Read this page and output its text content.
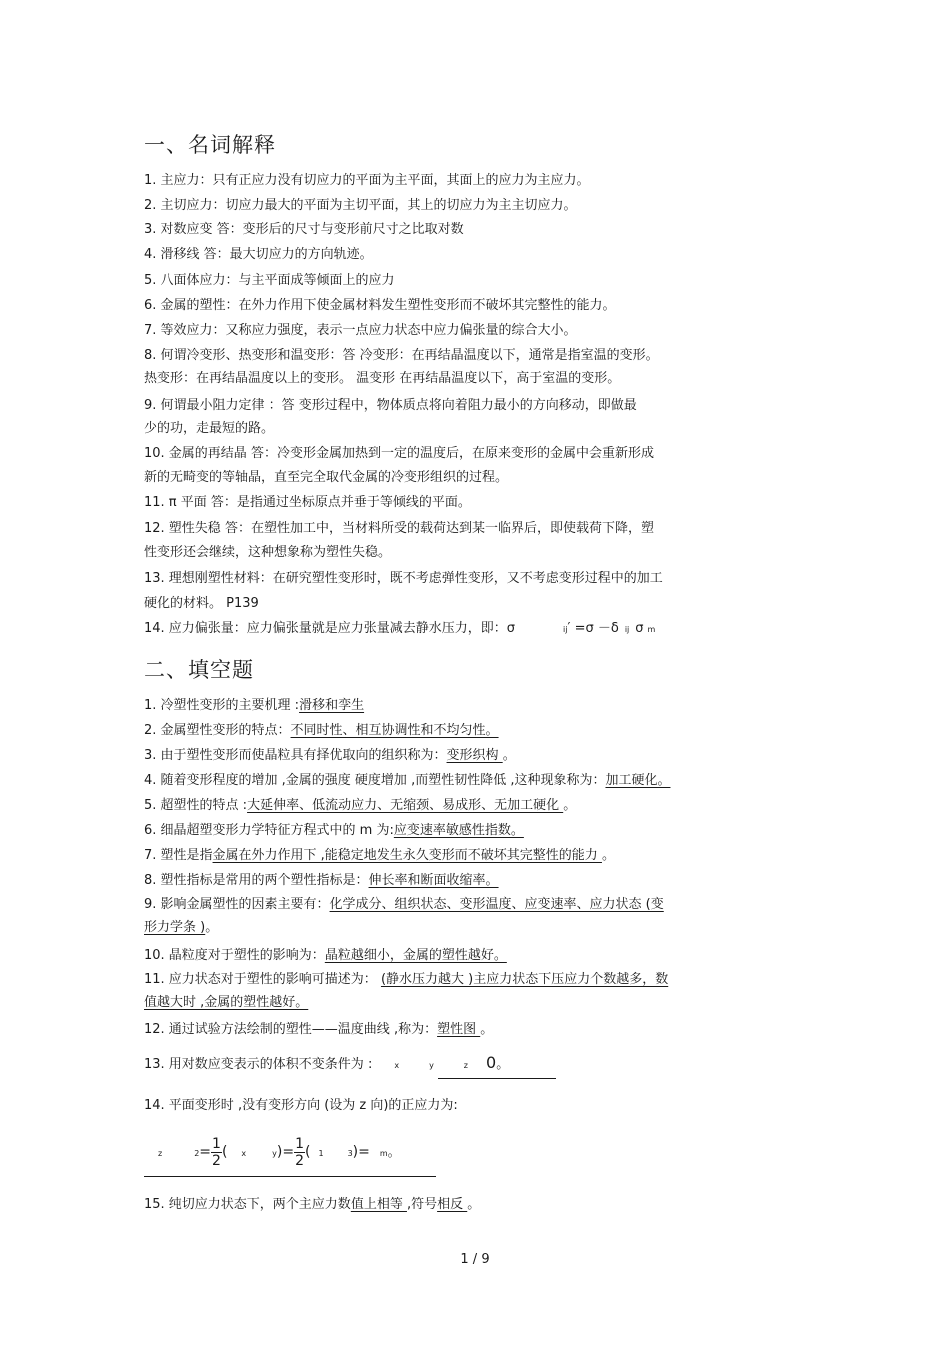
一、名词解释
1. 主应力：只有正应力没有切应力的平面为主平面，其面上的应力为主应力。
2. 主切应力：切应力最大的平面为主切平面，其上的切应力为主主切应力。
3. 对数应变 答：变形后的尺寸与变形前尺寸之比取对数
4. 滑移线 答：最大切应力的方向轨迹。
5. 八面体应力：与主平面成等倾面上的应力
6. 金属的塑性：在外力作用下使金属材料发生塑性变形而不破坏其完整性的能力。
7. 等效应力：又称应力强度，表示一点应力状态中应力偏张量的综合大小。
8. 何谓冷变形、热变形和温变形：答 冷变形：在再结晶温度以下，通常是指室温的变形。
热变形：在再结晶温度以上的变形。 温变形 在再结晶温度以下，高于室温的变形。
9. 何谓最小阻力定律 ：答 变形过程中，物体质点将向着阻力最小的方向移动，即做最
少的功，走最短的路。
10. 金属的再结晶 答：冷变形金属加热到一定的温度后，在原来变形的金属中会重新形成
新的无畸变的等轴晶，直至完全取代金属的冷变形组织的过程。
11. π 平面 答：是指通过坐标原点并垂于等倾线的平面。
12. 塑性失稳 答：在塑性加工中，当材料所受的载荷达到某一临界后，即使载荷下降，塑
性变形还会继续，这种想象称为塑性失稳。
13. 理想刚塑性材料：在研究塑性变形时，既不考虑弹性变形，又不考虑变形过程中的加工
硬化的材料。 P139
14. 应力偏张量：应力偏张量就是应力张量减去静水压力，即：σ	ij′ =σ －δ ij σ m
二、填空题
1. 冷塑性变形的主要机理 :滑移和孪生
2. 金属塑性变形的特点：不同时性、相互协调性和不均匀性。
3. 由于塑性变形而使晶粒具有择优取向的组织称为：变形织构 。
4. 随着变形程度的增加 ,金属的强度 硬度增加 ,而塑性韧性降低 ,这种现象称为：加工硬化。
5. 超塑性的特点 :大延伸率、低流动应力、无缩颈、易成形、无加工硬化 。
6. 细晶超塑变形力学特征方程式中的 m 为:应变速率敏感性指数。
7. 塑性是指金属在外力作用下 ,能稳定地发生永久变形而不破坏其完整性的能力 。
8. 塑性指标是常用的两个塑性指标是：伸长率和断面收缩率。
9. 影响金属塑性的因素主要有：化学成分、组织状态、变形温度、应变速率、应力状态 (变
形力学条 )。
10. 晶粒度对于塑性的影响为：晶粒越细小，金属的塑性越好。
11. 应力状态对于塑性的影响可描述为： (静水压力越大 )主应力状态下压应力个数越多，数
值越大时 ,金属的塑性越好。
12. 通过试验方法绘制的塑性——温度曲线 ,称为：塑性图 。
13. 用对数应变表示的体积不变条件为 :	x	y	z 0。
14. 平面变形时 ,没有变形方向 (设为 z 向)的正应力为:
z	$2= \frac{1}{2}$ ( x	$y)= \frac{1}{2}$ ( 1	3)= m。
15. 纯切应力状态下，两个主应力数值上相等 ,符号相反 。
1 / 9
